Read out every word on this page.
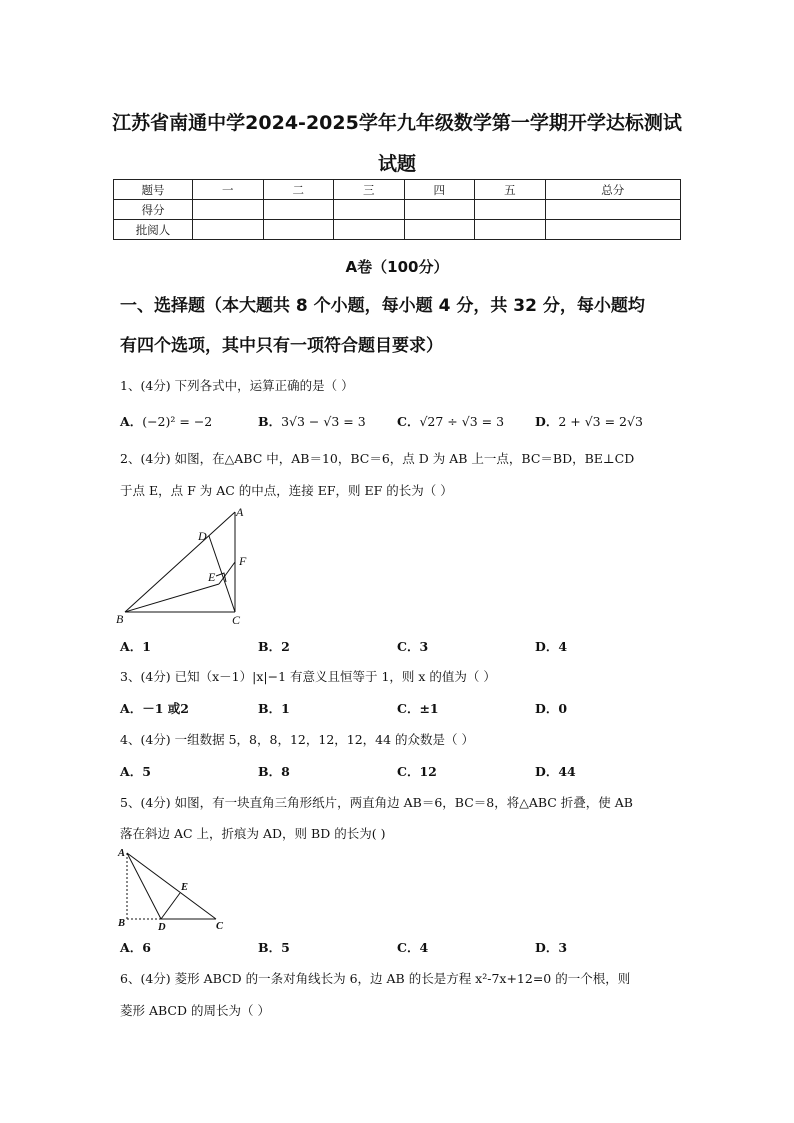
江苏省南通中学2024-2025学年九年级数学第一学期开学达标测试
试题
题号	一	二	三	四	五	总分
得分						
批阅人						
A卷（100分）
一、选择题（本大题共 8 个小题，每小题 4 分，共 32 分，每小题均
有四个选项，其中只有一项符合题目要求）
1、(4分) 下列各式中，运算正确的是（ ）
A．(−2)² = −2	B．3√3 − √3 = 3	C．√27 ÷ √3 = 3 D．2 + √3 = 2√3
2、(4分) 如图，在△ABC 中，AB＝10，BC＝6，点 D 为 AB 上一点，BC＝BD，BE⊥CD
于点 E，点 F 为 AC 的中点，连接 EF，则 EF 的长为（ ）
A
B	C
D
E
F
A．1	B．2	C．3	D．4
3、(4分) 已知（x－1）|x|−1 有意义且恒等于 1，则 x 的值为（ ）
A．－1 或2	B．1	C．±1	D．0
4、(4分) 一组数据 5，8，8，12，12，12，44 的众数是（ ）
A．5	B．8	C．12	D．44
5、(4分) 如图，有一块直角三角形纸片，两直角边 AB＝6，BC＝8，将△ABC 折叠，使 AB
落在斜边 AC 上，折痕为 AD，则 BD 的长为( )
A
B	C
D
E
A．6	B．5	C．4	D．3
6、(4分) 菱形 ABCD 的一条对角线长为 6，边 AB 的长是方程 x²-7x+12=0 的一个根，则
菱形 ABCD 的周长为（ ）
